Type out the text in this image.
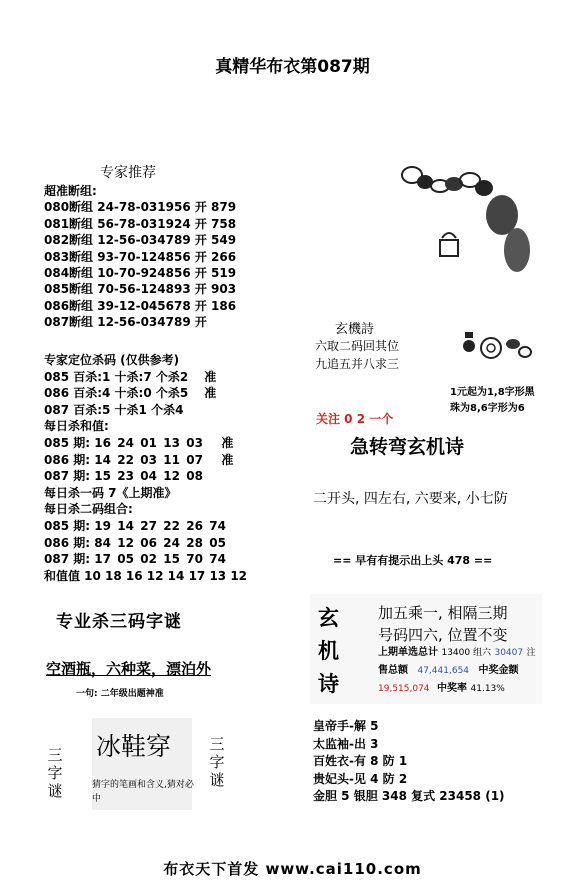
真精华布衣第087期
专家推荐
超准断组:
080断组 24-78-031956 开 879
081断组 56-78-031924 开 758
082断组 12-56-034789 开 549
083断组 93-70-124856 开 266
084断组 10-70-924856 开 519
085断组 70-56-124893 开 903
086断组 39-12-045678 开 186
087断组 12-56-034789 开
专家定位杀码 (仅供参考)
085 百杀:1 十杀:7 个杀2 准
086 百杀:4 十杀:0 个杀5 准
087 百杀:5 十杀1 个杀4
每日杀和值:
085 期: 16 24 01 13 03 准
086 期: 14 22 03 11 07 准
087 期: 15 23 04 12 08
每日杀一码 7《上期准》
每日杀二码组合:
085 期: 19 14 27 22 26 74
086 期: 84 12 06 24 28 05
087 期: 17 05 02 15 70 74
和值值 10 18 16 12 14 17 13 12
专业杀三码字谜
空酒瓶，六种菜，漂泊外
一句: 二年级出题神准
冰鞋穿
猜字的笔画和含义,猜对必中
三字谜
三字谜
玄機詩
六取二码回其位
九追五并八求三
1元起为1,8字形黑
珠为8,6字形为6
关注 0 2 一个
急转弯玄机诗
二开头, 四左右, 六要来, 小七防
== 早有有提示出上头 478 ==
玄
机
诗
加五乘一, 相隔三期
号码四六, 位置不变
上期单选总计 13400 组六 30407 注
售总额 47,441,654 中奖金额
19,515,074 中奖率 41.13%
皇帝手-解 5
太监袖-出 3
百姓衣-有 8 防 1
贵妃头-见 4 防 2
金胆 5 银胆 348 复式 23458 (1)
布衣天下首发 www.cai110.com
